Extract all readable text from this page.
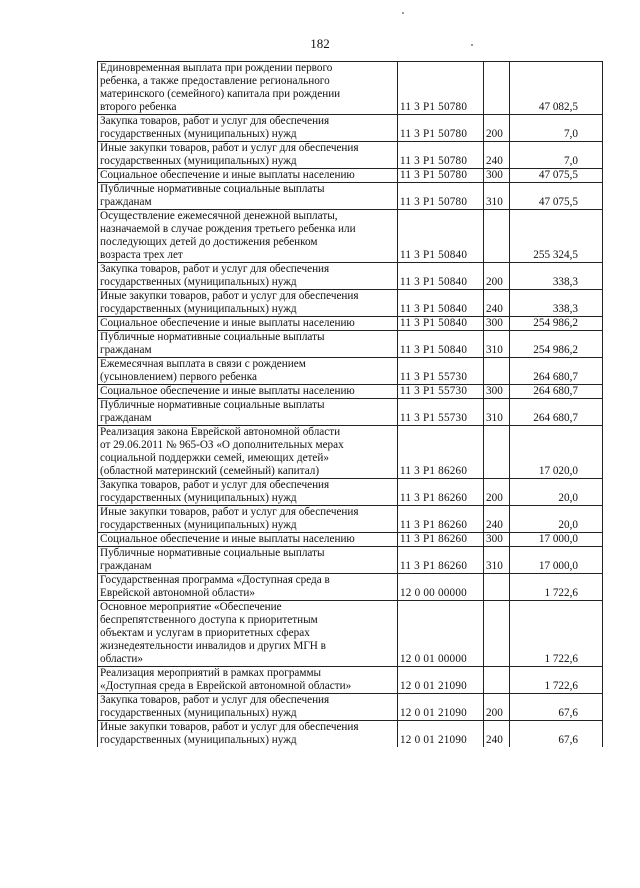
182
Единовременная выплата при рождении первого
ребенка, а также предоставление регионального
материнского (семейного) капитала при рождении
второго ребенка	11 3 Р1 50780		47 082,5

Закупка товаров, работ и услуг для обеспечения
государственных (муниципальных) нужд	11 3 Р1 50780	200	7,0

Иные закупки товаров, работ и услуг для обеспечения
государственных (муниципальных) нужд	11 3 Р1 50780	240	7,0

Социальное обеспечение и иные выплаты населению	11 3 Р1 50780	300	47 075,5

Публичные нормативные социальные выплаты
гражданам	11 3 Р1 50780	310	47 075,5

Осуществление ежемесячной денежной выплаты,
назначаемой в случае рождения третьего ребенка или
последующих детей до достижения ребенком
возраста трех лет	11 3 Р1 50840		255 324,5

Закупка товаров, работ и услуг для обеспечения
государственных (муниципальных) нужд	11 3 Р1 50840	200	338,3

Иные закупки товаров, работ и услуг для обеспечения
государственных (муниципальных) нужд	11 3 Р1 50840	240	338,3

Социальное обеспечение и иные выплаты населению	11 3 Р1 50840	300	254 986,2

Публичные нормативные социальные выплаты
гражданам	11 3 Р1 50840	310	254 986,2

Ежемесячная выплата в связи с рождением
(усыновлением) первого ребенка	11 3 Р1 55730		264 680,7

Социальное обеспечение и иные выплаты населению	11 3 Р1 55730	300	264 680,7

Публичные нормативные социальные выплаты
гражданам	11 3 Р1 55730	310	264 680,7

Реализация закона Еврейской автономной области
от 29.06.2011 № 965-ОЗ «О дополнительных мерах
социальной поддержки семей, имеющих детей»
(областной материнский (семейный) капитал)	11 3 Р1 86260		17 020,0

Закупка товаров, работ и услуг для обеспечения
государственных (муниципальных) нужд	11 3 Р1 86260	200	20,0

Иные закупки товаров, работ и услуг для обеспечения
государственных (муниципальных) нужд	11 3 Р1 86260	240	20,0

Социальное обеспечение и иные выплаты населению	11 3 Р1 86260	300	17 000,0

Публичные нормативные социальные выплаты
гражданам	11 3 Р1 86260	310	17 000,0

Государственная программа «Доступная среда в
Еврейской автономной области»	12 0 00 00000		1 722,6

Основное мероприятие «Обеспечение
беспрепятственного доступа к приоритетным
объектам и услугам в приоритетных сферах
жизнедеятельности инвалидов и других МГН в
области»	12 0 01 00000		1 722,6

Реализация мероприятий в рамках программы
«Доступная среда в Еврейской автономной области»	12 0 01 21090		1 722,6

Закупка товаров, работ и услуг для обеспечения
государственных (муниципальных) нужд	12 0 01 21090	200	67,6

Иные закупки товаров, работ и услуг для обеспечения
государственных (муниципальных) нужд	12 0 01 21090	240	67,6
